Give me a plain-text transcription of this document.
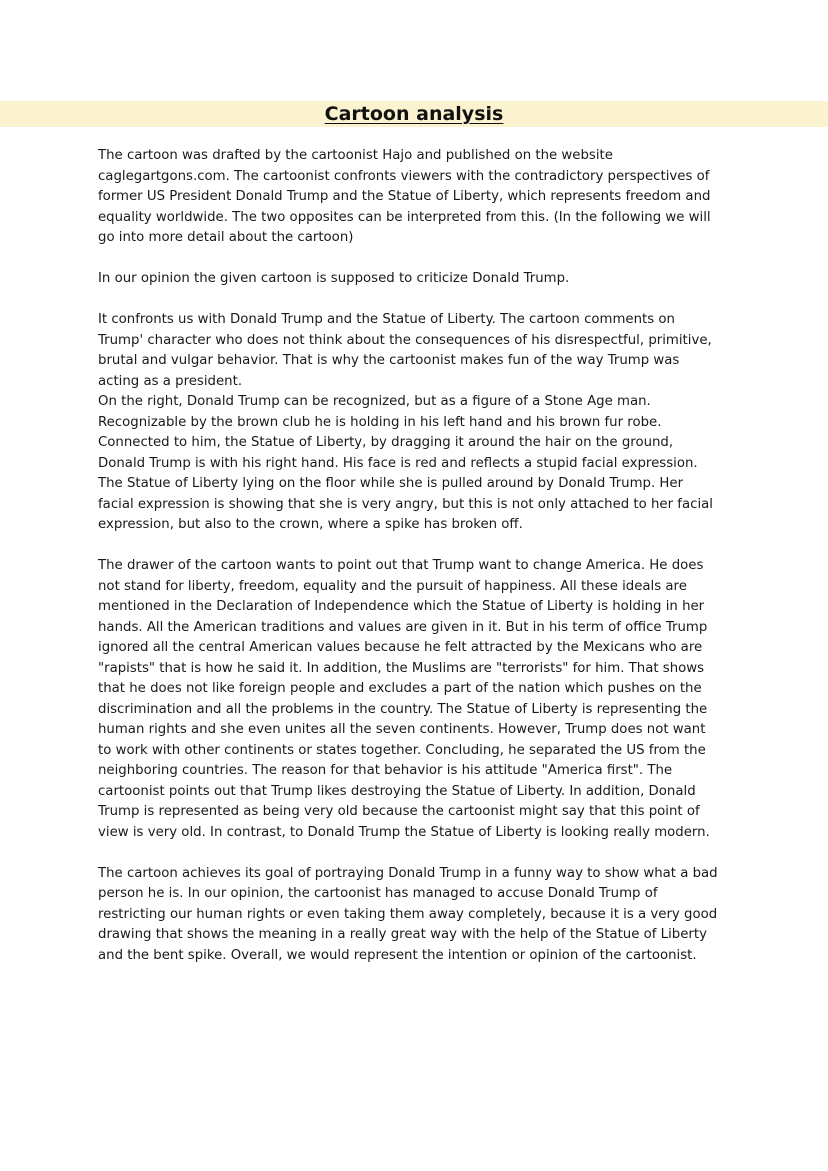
Cartoon analysis

The cartoon was drafted by the cartoonist Hajo and published on the website
caglegartgons.com. The cartoonist confronts viewers with the contradictory perspectives of
former US President Donald Trump and the Statue of Liberty, which represents freedom and
equality worldwide. The two opposites can be interpreted from this. (In the following we will
go into more detail about the cartoon)

In our opinion the given cartoon is supposed to criticize Donald Trump.

It confronts us with Donald Trump and the Statue of Liberty. The cartoon comments on
Trump' character who does not think about the consequences of his disrespectful, primitive,
brutal and vulgar behavior. That is why the cartoonist makes fun of the way Trump was
acting as a president.
On the right, Donald Trump can be recognized, but as a figure of a Stone Age man.
Recognizable by the brown club he is holding in his left hand and his brown fur robe.
Connected to him, the Statue of Liberty, by dragging it around the hair on the ground,
Donald Trump is with his right hand. His face is red and reflects a stupid facial expression.
The Statue of Liberty lying on the floor while she is pulled around by Donald Trump. Her
facial expression is showing that she is very angry, but this is not only attached to her facial
expression, but also to the crown, where a spike has broken off.

The drawer of the cartoon wants to point out that Trump want to change America. He does
not stand for liberty, freedom, equality and the pursuit of happiness. All these ideals are
mentioned in the Declaration of Independence which the Statue of Liberty is holding in her
hands. All the American traditions and values are given in it. But in his term of office Trump
ignored all the central American values because he felt attracted by the Mexicans who are
"rapists" that is how he said it. In addition, the Muslims are "terrorists" for him. That shows
that he does not like foreign people and excludes a part of the nation which pushes on the
discrimination and all the problems in the country. The Statue of Liberty is representing the
human rights and she even unites all the seven continents. However, Trump does not want
to work with other continents or states together. Concluding, he separated the US from the
neighboring countries. The reason for that behavior is his attitude "America first". The
cartoonist points out that Trump likes destroying the Statue of Liberty. In addition, Donald
Trump is represented as being very old because the cartoonist might say that this point of
view is very old. In contrast, to Donald Trump the Statue of Liberty is looking really modern.

The cartoon achieves its goal of portraying Donald Trump in a funny way to show what a bad
person he is. In our opinion, the cartoonist has managed to accuse Donald Trump of
restricting our human rights or even taking them away completely, because it is a very good
drawing that shows the meaning in a really great way with the help of the Statue of Liberty
and the bent spike. Overall, we would represent the intention or opinion of the cartoonist.
